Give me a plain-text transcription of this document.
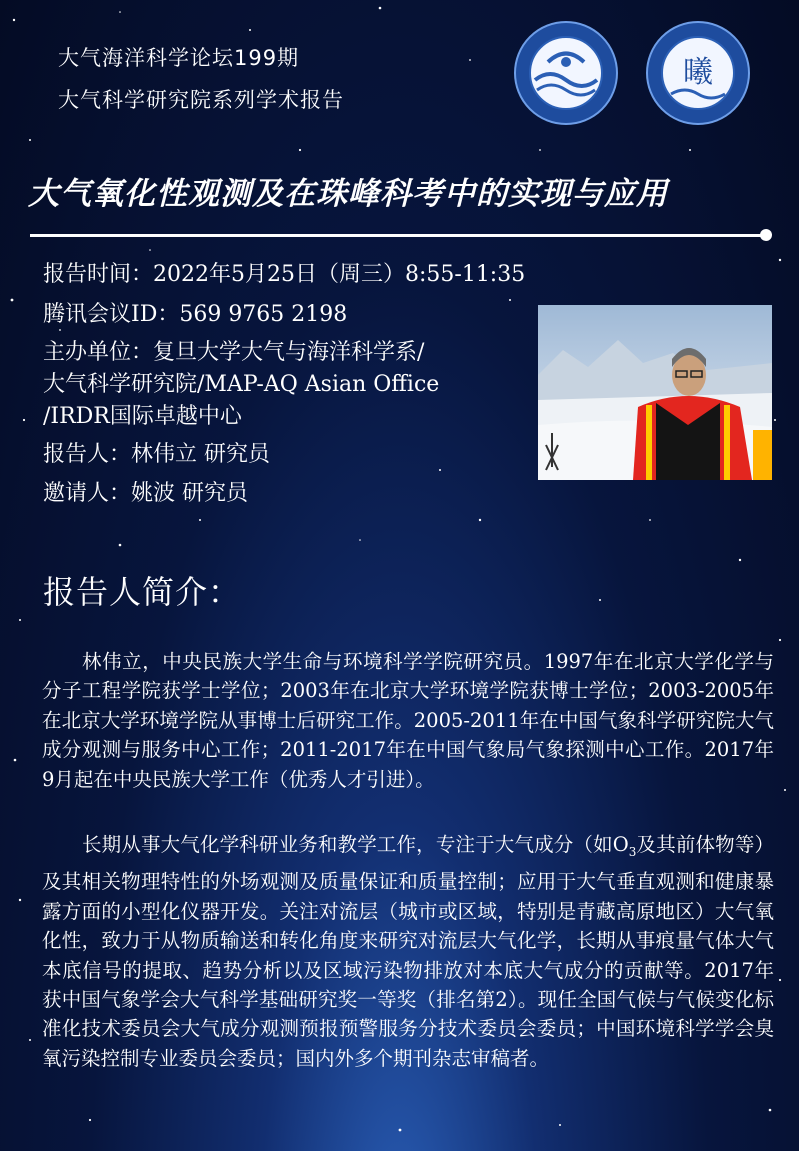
大气海洋科学论坛199期
大气科学研究院系列学术报告
曦
大气氧化性观测及在珠峰科考中的实现与应用
报告时间：2022年5月25日（周三）8:55-11:35
腾讯会议ID：569 9765 2198
主办单位：复旦大学大气与海洋科学系/
大气科学研究院/MAP-AQ Asian Office
/IRDR国际卓越中心
报告人：林伟立 研究员
邀请人：姚波 研究员
报告人简介：

林伟立，中央民族大学生命与环境科学学院研究员。1997年在北京大学化学与分子工程学院获学士学位；2003年在北京大学环境学院获博士学位；2003-2005年在北京大学环境学院从事博士后研究工作。2005-2011年在中国气象科学研究院大气成分观测与服务中心工作；2011-2017年在中国气象局气象探测中心工作。2017年9月起在中央民族大学工作（优秀人才引进）。

长期从事大气化学科研业务和教学工作，专注于大气成分（如$O_3$及其前体物等）及其相关物理特性的外场观测及质量保证和质量控制；应用于大气垂直观测和健康暴露方面的小型化仪器开发。关注对流层（城市或区域，特别是青藏高原地区）大气氧化性，致力于从物质输送和转化角度来研究对流层大气化学，长期从事痕量气体大气本底信号的提取、趋势分析以及区域污染物排放对本底大气成分的贡献等。2017年获中国气象学会大气科学基础研究奖一等奖（排名第2）。现任全国气候与气候变化标准化技术委员会大气成分观测预报预警服务分技术委员会委员；中国环境科学学会臭氧污染控制专业委员会委员；国内外多个期刊杂志审稿者。
